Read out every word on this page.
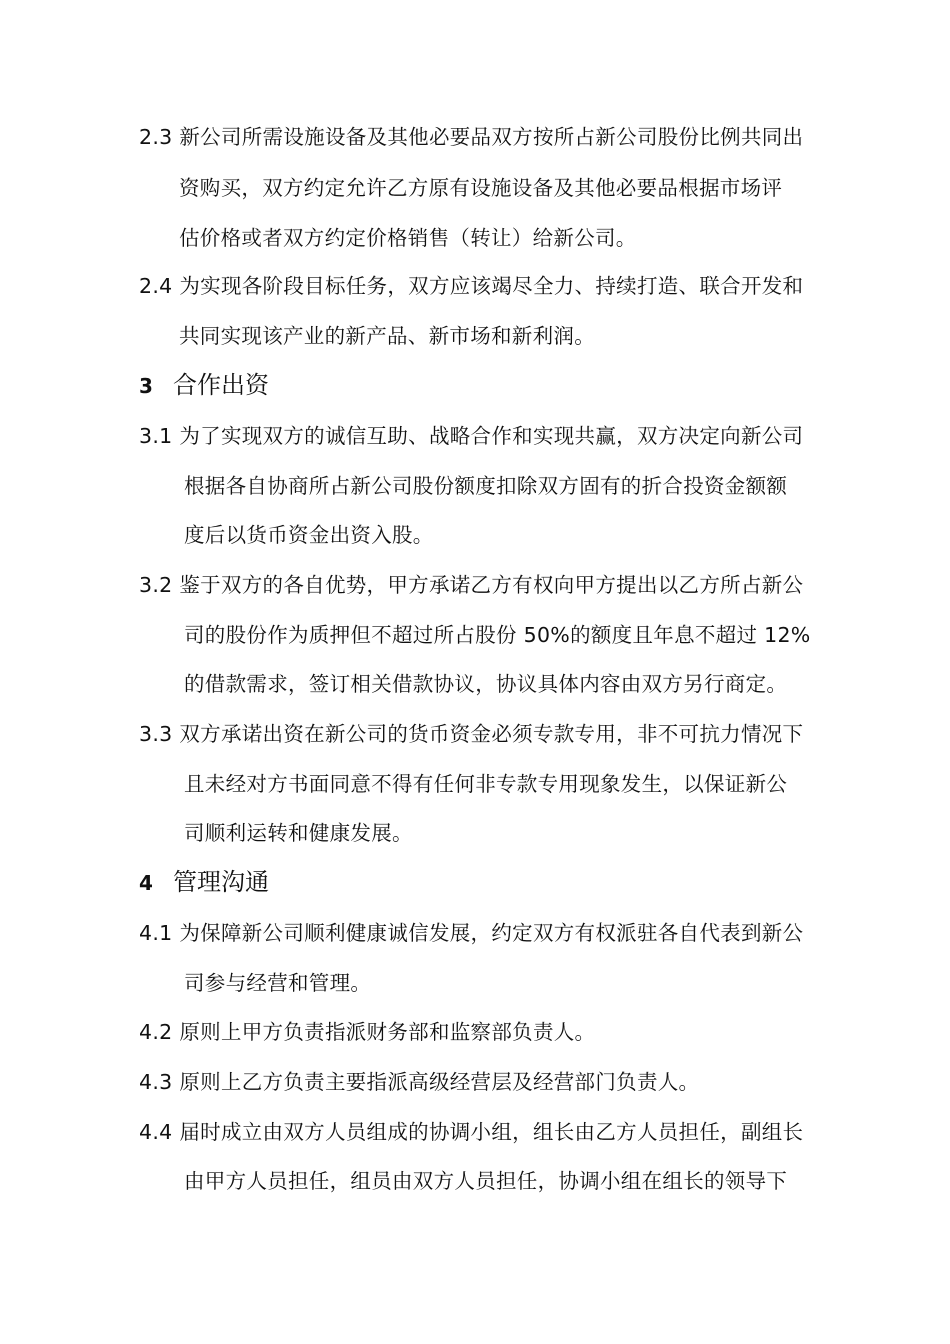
2.3 新公司所需设施设备及其他必要品双方按所占新公司股份比例共同出
资购买，双方约定允许乙方原有设施设备及其他必要品根据市场评
估价格或者双方约定价格销售（转让）给新公司。
2.4 为实现各阶段目标任务，双方应该竭尽全力、持续打造、联合开发和
共同实现该产业的新产品、新市场和新利润。
3 合作出资
3.1 为了实现双方的诚信互助、战略合作和实现共赢，双方决定向新公司
根据各自协商所占新公司股份额度扣除双方固有的折合投资金额额
度后以货币资金出资入股。
3.2 鉴于双方的各自优势，甲方承诺乙方有权向甲方提出以乙方所占新公
司的股份作为质押但不超过所占股份 50%的额度且年息不超过 12%
的借款需求，签订相关借款协议，协议具体内容由双方另行商定。
3.3 双方承诺出资在新公司的货币资金必须专款专用，非不可抗力情况下
且未经对方书面同意不得有任何非专款专用现象发生，以保证新公
司顺利运转和健康发展。
4 管理沟通
4.1 为保障新公司顺利健康诚信发展，约定双方有权派驻各自代表到新公
司参与经营和管理。
4.2 原则上甲方负责指派财务部和监察部负责人。
4.3 原则上乙方负责主要指派高级经营层及经营部门负责人。
4.4 届时成立由双方人员组成的协调小组，组长由乙方人员担任，副组长
由甲方人员担任，组员由双方人员担任，协调小组在组长的领导下
